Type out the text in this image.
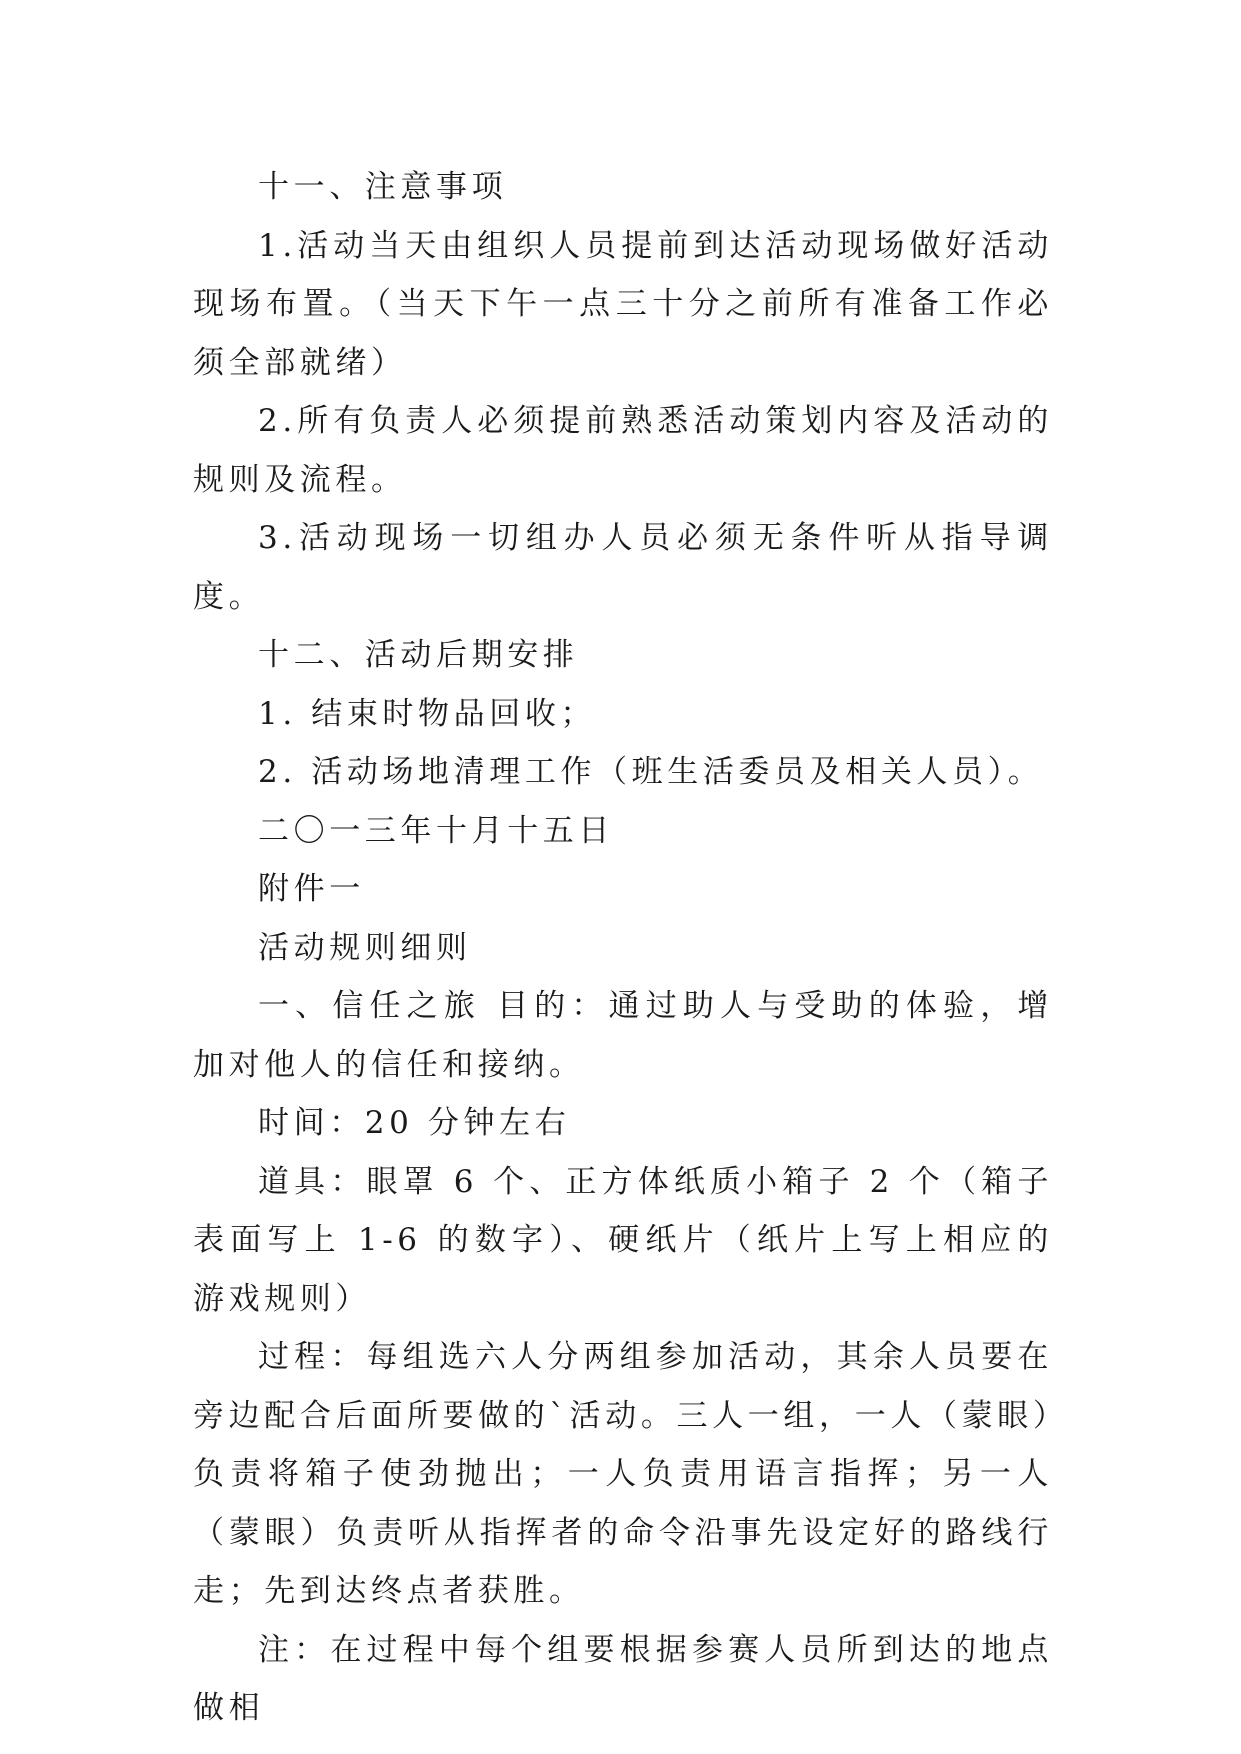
十一、注意事项

1.活动当天由组织人员提前到达活动现场做好活动现场布置。（当天下午一点三十分之前所有准备工作必须全部就绪）

2.所有负责人必须提前熟悉活动策划内容及活动的规则及流程。

3.活动现场一切组办人员必须无条件听从指导调度。

十二、活动后期安排

1. 结束时物品回收；

2. 活动场地清理工作（班生活委员及相关人员）。

二〇一三年十月十五日

附件一

活动规则细则

一、信任之旅 目的：通过助人与受助的体验，增加对他人的信任和接纳。

时间：20 分钟左右

道具：眼罩 6 个、正方体纸质小箱子 2 个（箱子表面写上 1-6 的数字）、硬纸片（纸片上写上相应的游戏规则）

过程：每组选六人分两组参加活动，其余人员要在旁边配合后面所要做的`活动。三人一组，一人（蒙眼）负责将箱子使劲抛出；一人负责用语言指挥；另一人（蒙眼）负责听从指挥者的命令沿事先设定好的路线行走；先到达终点者获胜。

注：在过程中每个组要根据参赛人员所到达的地点做相
